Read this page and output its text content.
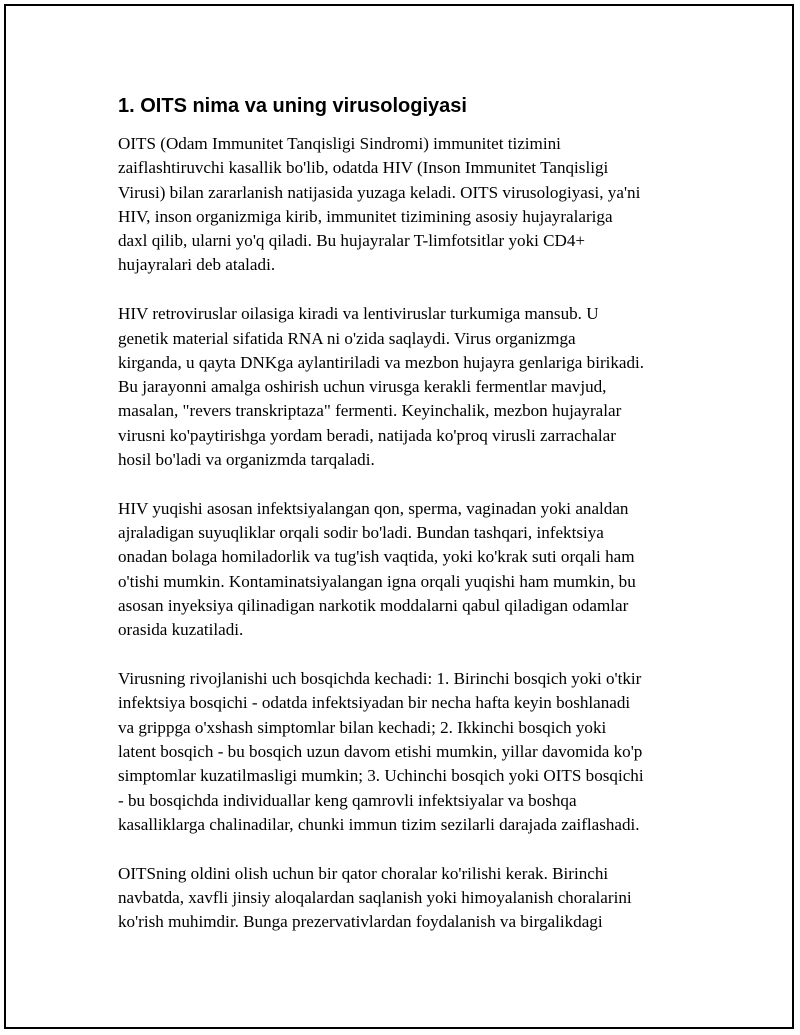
1. OITS nima va uning virusologiyasi

OITS (Odam Immunitet Tanqisligi Sindromi) immunitet tizimini
zaiflashtiruvchi kasallik bo'lib, odatda HIV (Inson Immunitet Tanqisligi
Virusi) bilan zararlanish natijasida yuzaga keladi. OITS virusologiyasi, ya'ni
HIV, inson organizmiga kirib, immunitet tizimining asosiy hujayralariga
daxl qilib, ularni yo'q qiladi. Bu hujayralar T-limfotsitlar yoki CD4+
hujayralari deb ataladi.

HIV retroviruslar oilasiga kiradi va lentiviruslar turkumiga mansub. U
genetik material sifatida RNA ni o'zida saqlaydi. Virus organizmga
kirganda, u qayta DNKga aylantiriladi va mezbon hujayra genlariga birikadi.
Bu jarayonni amalga oshirish uchun virusga kerakli fermentlar mavjud,
masalan, "revers transkriptaza" fermenti. Keyinchalik, mezbon hujayralar
virusni ko'paytirishga yordam beradi, natijada ko'proq virusli zarrachalar
hosil bo'ladi va organizmda tarqaladi.

HIV yuqishi asosan infektsiyalangan qon, sperma, vaginadan yoki analdan
ajraladigan suyuqliklar orqali sodir bo'ladi. Bundan tashqari, infektsiya
onadan bolaga homiladorlik va tug'ish vaqtida, yoki ko'krak suti orqali ham
o'tishi mumkin. Kontaminatsiyalangan igna orqali yuqishi ham mumkin, bu
asosan inyeksiya qilinadigan narkotik moddalarni qabul qiladigan odamlar
orasida kuzatiladi.

Virusning rivojlanishi uch bosqichda kechadi: 1. Birinchi bosqich yoki o'tkir
infektsiya bosqichi - odatda infektsiyadan bir necha hafta keyin boshlanadi
va grippga o'xshash simptomlar bilan kechadi; 2. Ikkinchi bosqich yoki
latent bosqich - bu bosqich uzun davom etishi mumkin, yillar davomida ko'p
simptomlar kuzatilmasligi mumkin; 3. Uchinchi bosqich yoki OITS bosqichi
- bu bosqichda individuallar keng qamrovli infektsiyalar va boshqa
kasalliklarga chalinadilar, chunki immun tizim sezilarli darajada zaiflashadi.

OITSning oldini olish uchun bir qator choralar ko'rilishi kerak. Birinchi
navbatda, xavfli jinsiy aloqalardan saqlanish yoki himoyalanish choralarini
ko'rish muhimdir. Bunga prezervativlardan foydalanish va birgalikdagi
